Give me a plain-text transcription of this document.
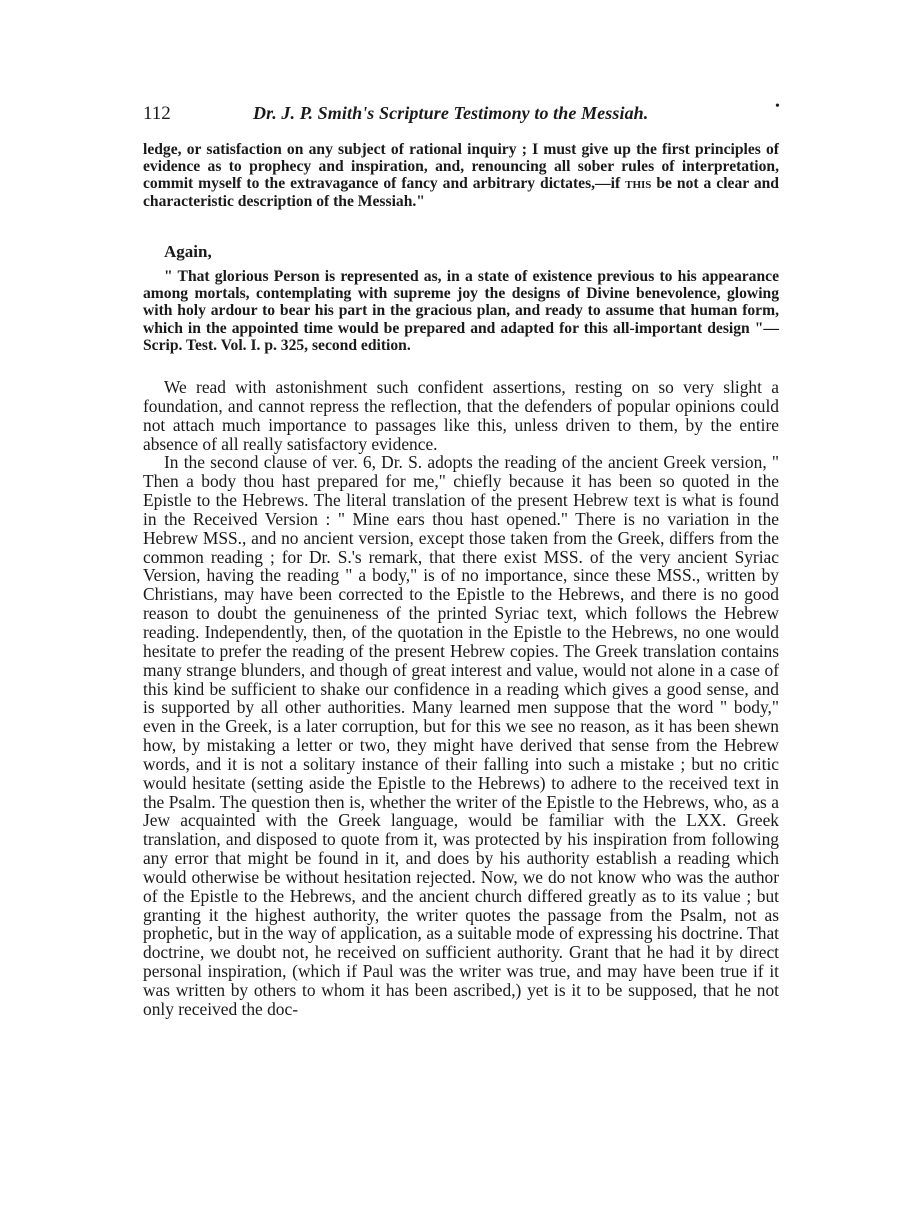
112	Dr. J. P. Smith's Scripture Testimony to the Messiah.	•
ledge, or satisfaction on any subject of rational inquiry ; I must give up the first principles of evidence as to prophecy and inspiration, and, renouncing all sober rules of interpretation, commit myself to the extravagance of fancy and arbitrary dictates,—if this be not a clear and characteristic description of the Messiah."
Again,

" That glorious Person is represented as, in a state of existence previous to his appearance among mortals, contemplating with supreme joy the designs of Divine benevolence, glowing with holy ardour to bear his part in the gracious plan, and ready to assume that human form, which in the appointed time would be prepared and adapted for this all-important design "—Scrip. Test. Vol. I. p. 325, second edition.

We read with astonishment such confident assertions, resting on so very slight a foundation, and cannot repress the reflection, that the defenders of popular opinions could not attach much importance to passages like this, unless driven to them, by the entire absence of all really satisfactory evidence.

In the second clause of ver. 6, Dr. S. adopts the reading of the ancient Greek version, " Then a body thou hast prepared for me," chiefly because it has been so quoted in the Epistle to the Hebrews. The literal translation of the present Hebrew text is what is found in the Received Version : " Mine ears thou hast opened." There is no variation in the Hebrew MSS., and no ancient version, except those taken from the Greek, differs from the common reading ; for Dr. S.'s remark, that there exist MSS. of the very ancient Syriac Version, having the reading " a body," is of no importance, since these MSS., written by Christians, may have been corrected to the Epistle to the Hebrews, and there is no good reason to doubt the genuineness of the printed Syriac text, which follows the Hebrew reading. Independently, then, of the quotation in the Epistle to the Hebrews, no one would hesitate to prefer the reading of the present Hebrew copies. The Greek translation contains many strange blunders, and though of great interest and value, would not alone in a case of this kind be sufficient to shake our confidence in a reading which gives a good sense, and is supported by all other authorities. Many learned men suppose that the word " body," even in the Greek, is a later corruption, but for this we see no reason, as it has been shewn how, by mistaking a letter or two, they might have derived that sense from the Hebrew words, and it is not a solitary instance of their falling into such a mistake ; but no critic would hesitate (setting aside the Epistle to the Hebrews) to adhere to the received text in the Psalm. The question then is, whether the writer of the Epistle to the Hebrews, who, as a Jew acquainted with the Greek language, would be familiar with the LXX. Greek translation, and disposed to quote from it, was protected by his inspiration from following any error that might be found in it, and does by his authority establish a reading which would otherwise be without hesitation rejected. Now, we do not know who was the author of the Epistle to the Hebrews, and the ancient church differed greatly as to its value ; but granting it the highest authority, the writer quotes the passage from the Psalm, not as prophetic, but in the way of application, as a suitable mode of expressing his doctrine. That doctrine, we doubt not, he received on sufficient authority. Grant that he had it by direct personal inspiration, (which if Paul was the writer was true, and may have been true if it was written by others to whom it has been ascribed,) yet is it to be supposed, that he not only received the doc-
